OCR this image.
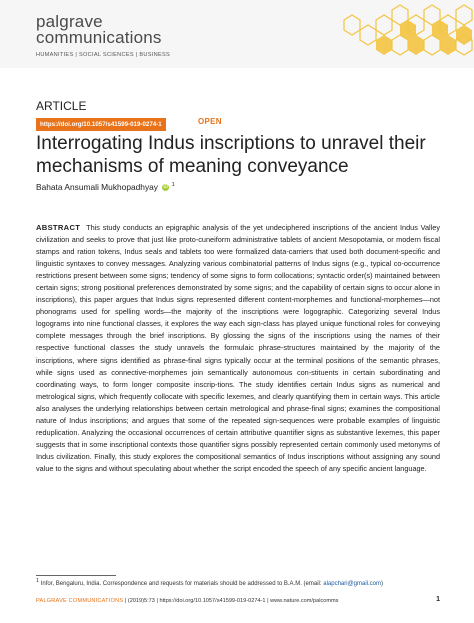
palgrave
communications
HUMANITIES | SOCIAL SCIENCES | BUSINESS
ARTICLE
https://doi.org/10.1057/s41599-019-0274-1	OPEN
Interrogating Indus inscriptions to unravel their mechanisms of meaning conveyance
Bahata Ansumali Mukhopadhyay iD $^1$

ABSTRACT This study conducts an epigraphic analysis of the yet undeciphered inscriptions of the ancient Indus Valley civilization and seeks to prove that just like proto-cuneiform administrative tablets of ancient Mesopotamia, or modern fiscal stamps and ration tokens, Indus seals and tablets too were formalized data-carriers that used both document-specific and linguistic syntaxes to convey messages. Analyzing various combinatorial patterns of Indus signs (e.g., typical co-occurrence restrictions present between some signs; tendency of some signs to form collocations; syntactic order(s) maintained between certain signs; strong positional preferences demonstrated by some signs; and the capability of certain signs to occur alone in inscriptions), this paper argues that Indus signs represented different content-morphemes and functional-morphemes—not phonograms used for spelling words—the majority of the inscriptions were logographic. Categorizing several Indus logograms into nine functional classes, it explores the way each sign-class has played unique functional roles for conveying complete messages through the brief inscriptions. By glossing the signs of the inscriptions using the names of their respective functional classes the study unravels the formulaic phrase-structures maintained by the majority of the inscriptions, where signs identified as phrase-final signs typically occur at the terminal positions of the semantic phrases, while signs used as connective-morphemes join semantically autonomous con-stituents in certain subordinating and coordinating ways, to form longer composite inscrip-tions. The study identifies certain Indus signs as numerical and metrological signs, which frequently collocate with specific lexemes, and clearly quantifying them in certain ways. This article also analyses the underlying relationships between certain metrological and phrase-final signs; examines the compositional nature of Indus inscriptions; and argues that some of the repeated sign-sequences were probable examples of linguistic reduplication. Analyzing the occasional occurrences of certain attributive quantifier signs as substantive lexemes, this paper suggests that in some inscriptional contexts those quantifier signs possibly represented certain commonly used metonyms of Indus civilization. Finally, this study explores the compositional semantics of Indus inscriptions without assigning any sound value to the signs and without speculating about whether the script encoded the speech of any specific ancient language.

1 Infor, Bengaluru, India. Correspondence and requests for materials should be addressed to B.A.M. (email: alapchari@gmail.com)
PALGRAVE COMMUNICATIONS | (2019)5:73 | https://doi.org/10.1057/s41599-019-0274-1 | www.nature.com/palcomms	1
